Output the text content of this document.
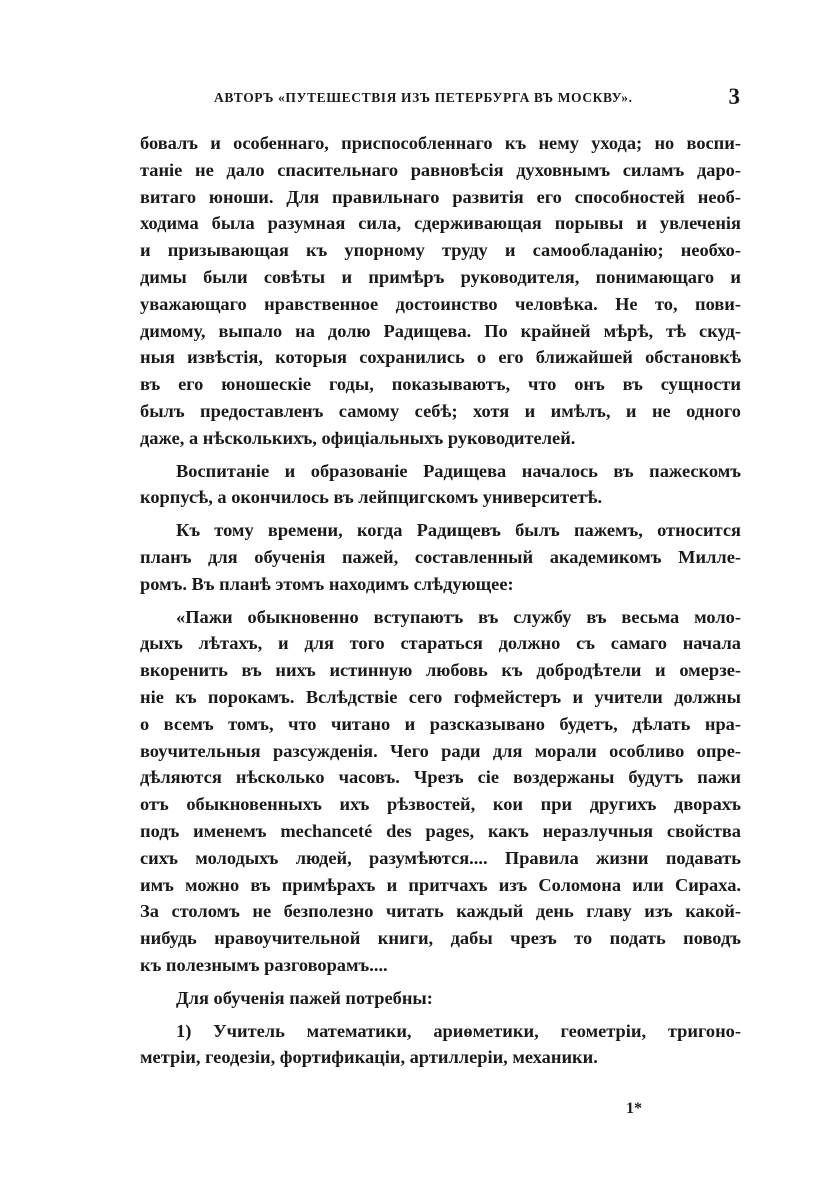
АВТОРЪ «ПУТЕШЕСТВІЯ ИЗЪ ПЕТЕРБУРГА ВЪ МОСКВУ».	3
бовалъ и особеннаго, приспособленнаго къ нему ухода; но воспи-
таніе не дало спасительнаго равновѣсія духовнымъ силамъ даро-
витаго юноши. Для правильнаго развитія его способностей необ-
ходима была разумная сила, сдерживающая порывы и увлеченія
и призывающая къ упорному труду и самообладанію; необхо-
димы были совѣты и примѣръ руководителя, понимающаго и
уважающаго нравственное достоинство человѣка. Не то, пови-
димому, выпало на долю Радищева. По крайней мѣрѣ, тѣ скуд-
ныя извѣстія, которыя сохранились о его ближайшей обстановкѣ
въ его юношескіе годы, показываютъ, что онъ въ сущности
былъ предоставленъ самому себѣ; хотя и имѣлъ, и не одного
даже, а нѣсколькихъ, офиціальныхъ руководителей.
Воспитаніе и образованіе Радищева началось въ пажескомъ
корпусѣ, а окончилось въ лейпцигскомъ университетѣ.
Къ тому времени, когда Радищевъ былъ пажемъ, относится
планъ для обученія пажей, составленный академикомъ Милле-
ромъ. Въ планѣ этомъ находимъ слѣдующее:
«Пажи обыкновенно вступаютъ въ службу въ весьма моло-
дыхъ лѣтахъ, и для того стараться должно съ самаго начала
вкоренить въ нихъ истинную любовь къ добродѣтели и омерзе-
ніе къ порокамъ. Вслѣдствіе сего гофмейстеръ и учители должны
о всемъ томъ, что читано и разсказывано будетъ, дѣлать нра-
воучительныя разсужденія. Чего ради для морали особливо опре-
дѣляются нѣсколько часовъ. Чрезъ сіе воздержаны будутъ пажи
отъ обыкновенныхъ ихъ рѣзвостей, кои при другихъ дворахъ
подъ именемъ mechanceté des pages, какъ неразлучныя свойства
сихъ молодыхъ людей, разумѣются.... Правила жизни подавать
имъ можно въ примѣрахъ и притчахъ изъ Соломона или Сираха.
За столомъ не безполезно читать каждый день главу изъ какой-
нибудь нравоучительной книги, дабы чрезъ то подать поводъ
къ полезнымъ разговорамъ....
Для обученія пажей потребны:
1) Учитель математики, ариѳметики, геометріи, тригоно-
метріи, геодезіи, фортификаціи, артиллеріи, механики.
1*
